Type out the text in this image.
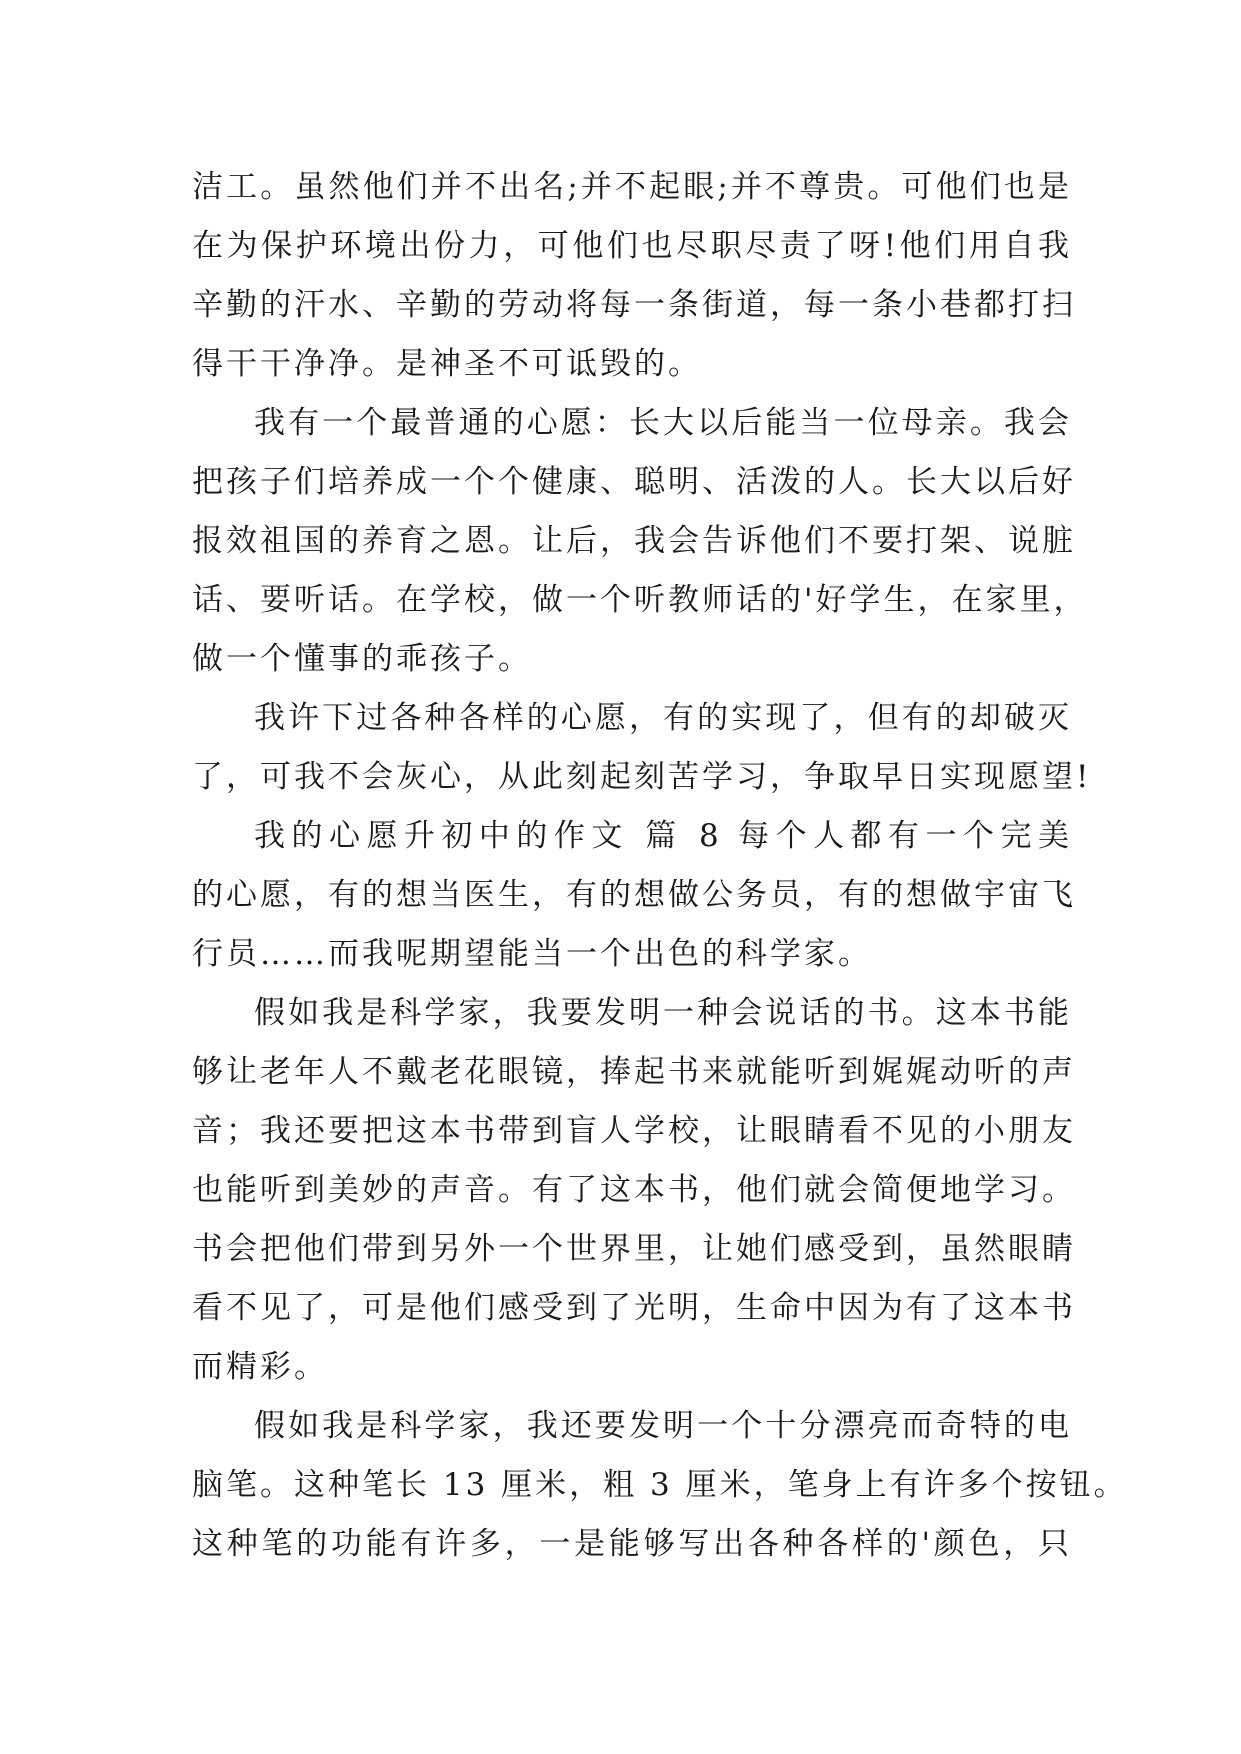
洁工。虽然他们并不出名;并不起眼;并不尊贵。可他们也是
在为保护环境出份力，可他们也尽职尽责了呀!他们用自我
辛勤的汗水、辛勤的劳动将每一条街道，每一条小巷都打扫
得干干净净。是神圣不可诋毁的。
我有一个最普通的心愿：长大以后能当一位母亲。我会
把孩子们培养成一个个健康、聪明、活泼的人。长大以后好
报效祖国的养育之恩。让后，我会告诉他们不要打架、说脏
话、要听话。在学校，做一个听教师话的'好学生，在家里，
做一个懂事的乖孩子。
我许下过各种各样的心愿，有的实现了，但有的却破灭
了，可我不会灰心，从此刻起刻苦学习，争取早日实现愿望!
我的心愿升初中的作文 篇 8 每个人都有一个完美
的心愿，有的想当医生，有的想做公务员，有的想做宇宙飞
行员……而我呢期望能当一个出色的科学家。
假如我是科学家，我要发明一种会说话的书。这本书能
够让老年人不戴老花眼镜，捧起书来就能听到娓娓动听的声
音；我还要把这本书带到盲人学校，让眼睛看不见的小朋友
也能听到美妙的声音。有了这本书，他们就会简便地学习。
书会把他们带到另外一个世界里，让她们感受到，虽然眼睛
看不见了，可是他们感受到了光明，生命中因为有了这本书
而精彩。
假如我是科学家，我还要发明一个十分漂亮而奇特的电
脑笔。这种笔长 13 厘米，粗 3 厘米，笔身上有许多个按钮。
这种笔的功能有许多，一是能够写出各种各样的'颜色，只
